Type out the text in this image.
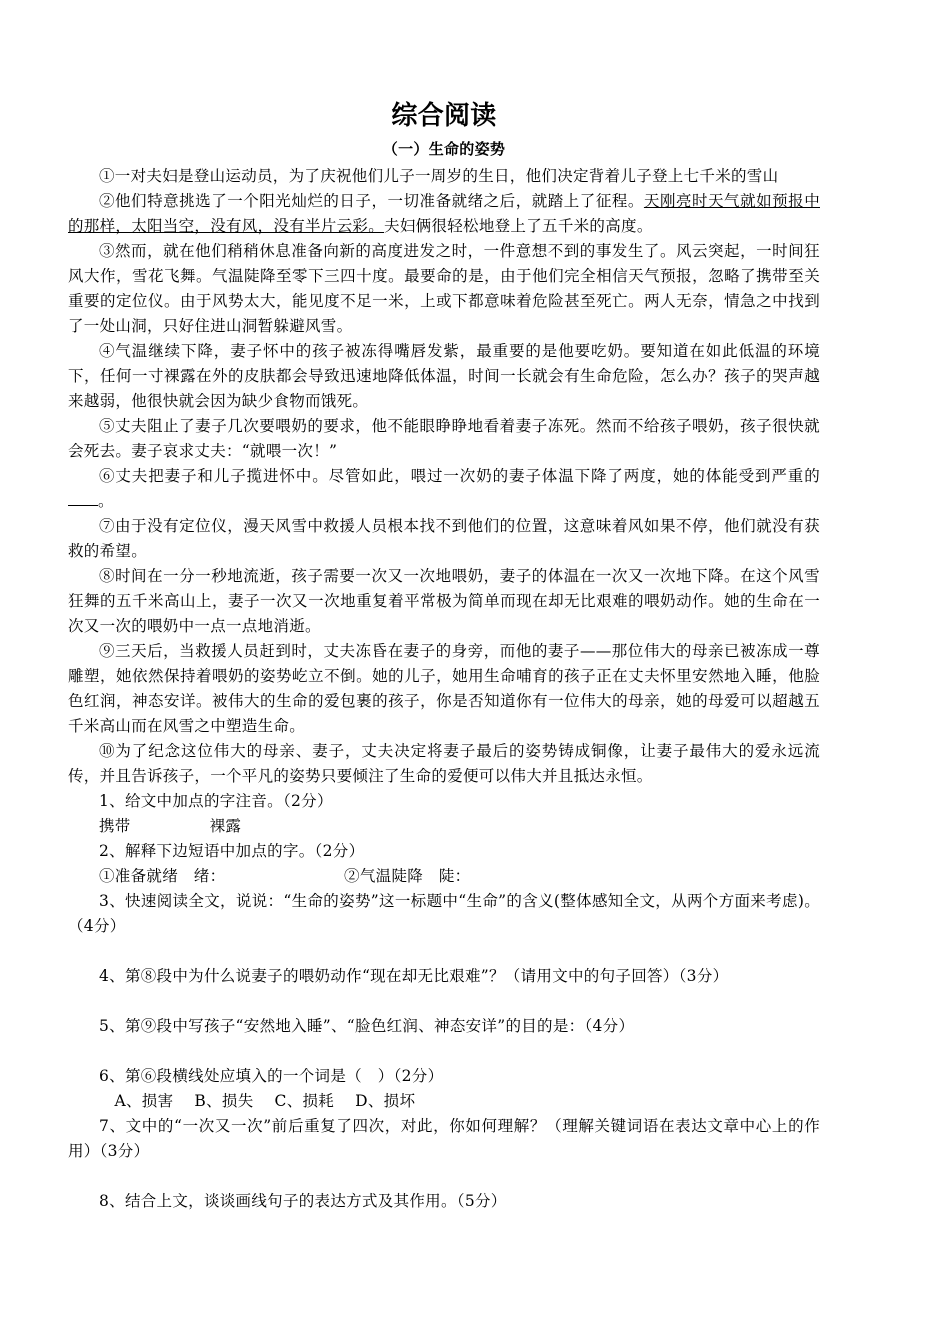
综合阅读
（一）生命的姿势

①一对夫妇是登山运动员，为了庆祝他们儿子一周岁的生日，他们决定背着儿子登上七千米的雪山

②他们特意挑选了一个阳光灿烂的日子，一切准备就绪之后，就踏上了征程。天刚亮时天气就如预报中的那样，太阳当空，没有风，没有半片云彩。夫妇俩很轻松地登上了五千米的高度。

③然而，就在他们稍稍休息准备向新的高度进发之时，一件意想不到的事发生了。风云突起，一时间狂风大作，雪花飞舞。气温陡降至零下三四十度。最要命的是，由于他们完全相信天气预报，忽略了携带至关重要的定位仪。由于风势太大，能见度不足一米，上或下都意味着危险甚至死亡。两人无奈，情急之中找到了一处山洞，只好住进山洞暂躲避风雪。

④气温继续下降，妻子怀中的孩子被冻得嘴唇发紫，最重要的是他要吃奶。要知道在如此低温的环境下，任何一寸裸露在外的皮肤都会导致迅速地降低体温，时间一长就会有生命危险，怎么办？孩子的哭声越来越弱，他很快就会因为缺少食物而饿死。

⑤丈夫阻止了妻子几次要喂奶的要求，他不能眼睁睁地看着妻子冻死。然而不给孩子喂奶，孩子很快就会死去。妻子哀求丈夫：“就喂一次！”

⑥丈夫把妻子和儿子揽进怀中。尽管如此，喂过一次奶的妻子体温下降了两度，她的体能受到严重的。

⑦由于没有定位仪，漫天风雪中救援人员根本找不到他们的位置，这意味着风如果不停，他们就没有获救的希望。

⑧时间在一分一秒地流逝，孩子需要一次又一次地喂奶，妻子的体温在一次又一次地下降。在这个风雪狂舞的五千米高山上，妻子一次又一次地重复着平常极为简单而现在却无比艰难的喂奶动作。她的生命在一次又一次的喂奶中一点一点地消逝。

⑨三天后，当救援人员赶到时，丈夫冻昏在妻子的身旁，而他的妻子——那位伟大的母亲已被冻成一尊雕塑，她依然保持着喂奶的姿势屹立不倒。她的儿子，她用生命哺育的孩子正在丈夫怀里安然地入睡，他脸色红润，神态安详。被伟大的生命的爱包裹的孩子，你是否知道你有一位伟大的母亲，她的母爱可以超越五千米高山而在风雪之中塑造生命。

⑩为了纪念这位伟大的母亲、妻子，丈夫决定将妻子最后的姿势铸成铜像，让妻子最伟大的爱永远流传，并且告诉孩子，一个平凡的姿势只要倾注了生命的爱便可以伟大并且抵达永恒。

1、给文中加点的字注音。（2分）

携带　　　　　裸露

2、解释下边短语中加点的字。（2分）

①准备就绪　绪：　　　　　　　　②气温陡降　陡：

3、快速阅读全文，说说：“生命的姿势”这一标题中“生命”的含义(整体感知全文，从两个方面来考虑)。（4分）

4、第⑧段中为什么说妻子的喂奶动作“现在却无比艰难”？（请用文中的句子回答）（3分）

5、第⑨段中写孩子“安然地入睡”、“脸色红润、神态安详”的目的是：（4分）

6、第⑥段横线处应填入的一个词是（　）（2分）

A、损害　 B、损失　 C、损耗　 D、损坏

7、文中的“一次又一次”前后重复了四次，对此，你如何理解？（理解关键词语在表达文章中心上的作用）（3分）

8、结合上文，谈谈画线句子的表达方式及其作用。（5分）
